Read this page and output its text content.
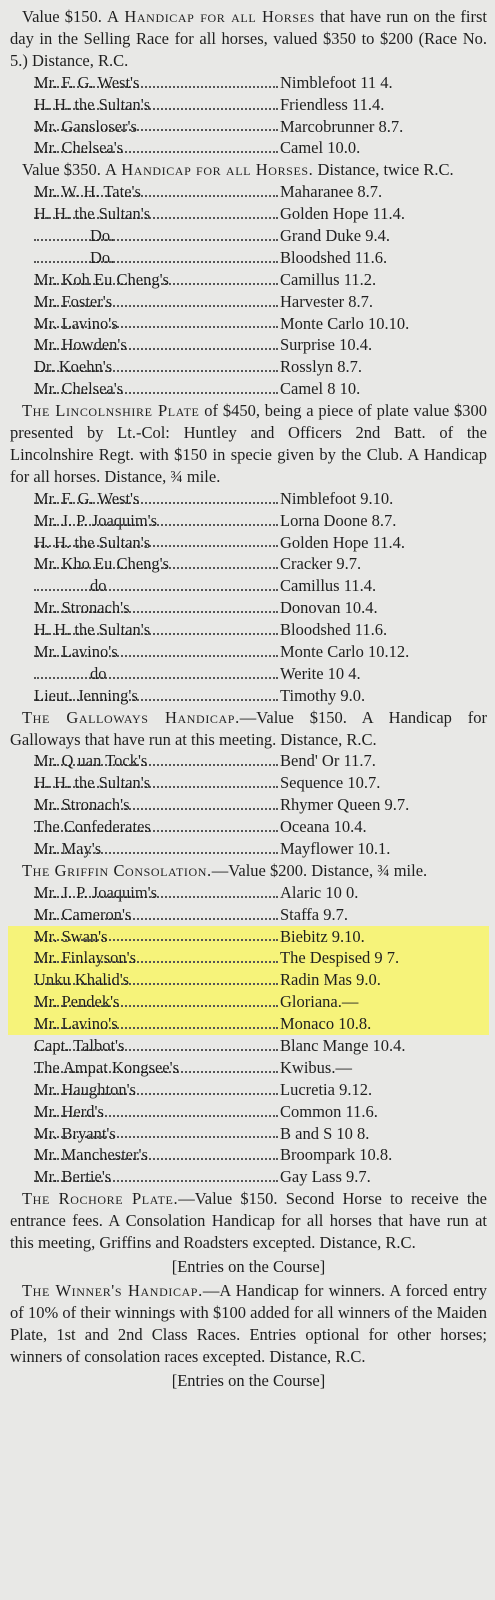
Value $150. A Handicap for all Horses that have run on the first day in the Selling Race for all horses, valued $350 to $200 (Race No. 5.) Distance, R.C.

Mr. F. G. West's	Nimblefoot 11 4.
H. H. the Sultan's	Friendless 11.4.
Mr. Gansloser's	Marcobrunner 8.7.
Mr. Chelsea's	Camel 10.0.

Value $350. A Handicap for all Horses. Distance, twice R.C.

Mr. W. H. Tate's	Maharanee 8.7.
H. H. the Sultan's	Golden Hope 11.4.
Do.	Grand Duke 9.4.
Do.	Bloodshed 11.6.
Mr. Koh Eu Cheng's	Camillus 11.2.
Mr. Foster's	Harvester 8.7.
Mr. Lavino's	Monte Carlo 10.10.
Mr. Howden's	Surprise 10.4.
Dr. Koehn's	Rosslyn 8.7.
Mr. Chelsea's	Camel 8 10.

The Lincolnshire Plate of $450, being a piece of plate value $300 presented by Lt.-Col: Huntley and Officers 2nd Batt. of the Lincolnshire Regt. with $150 in specie given by the Club. A Handicap for all horses. Distance, ¾ mile.

Mr. F. G. West's	Nimblefoot 9.10.
Mr. J. P. Joaquim's	Lorna Doone 8.7.
H. H. the Sultan's	Golden Hope 11.4.
Mr. Kho Eu Cheng's	Cracker 9.7.
do	Camillus 11.4.
Mr. Stronach's	Donovan 10.4.
H. H. the Sultan's	Bloodshed 11.6.
Mr. Lavino's	Monte Carlo 10.12.
do	Werite 10 4.
Lieut. Jenning's	Timothy 9.0.

The Galloways Handicap.—Value $150. A Handicap for Galloways that have run at this meeting. Distance, R.C.

Mr. Q uan Tock's	Bend' Or 11.7.
H. H. the Sultan's	Sequence 10.7.
Mr. Stronach's	Rhymer Queen 9.7.
The Confederates	Oceana 10.4.
Mr. May's	Mayflower 10.1.

The Griffin Consolation.—Value $200. Distance, ¾ mile.

Mr. J. P. Joaquim's	Alaric 10 0.
Mr. Cameron's	Staffa 9.7.
Mr. Swan's	Biebitz 9.10.
Mr. Finlayson's	The Despised 9 7.
Unku Khalid's	Radin Mas 9.0.
Mr. Pendek's	Gloriana.—
Mr. Lavino's	Monaco 10.8.
Capt. Talbot's	Blanc Mange 10.4.
The Ampat Kongsee's	Kwibus.—
Mr. Haughton's	Lucretia 9.12.
Mr. Herd's	Common 11.6.
Mr. Bryant's	B and S 10 8.
Mr. Manchester's	Broompark 10.8.
Mr. Bertie's	Gay Lass 9.7.

The Rochore Plate.—Value $150. Second Horse to receive the entrance fees. A Consolation Handicap for all horses that have run at this meeting, Griffins and Roadsters excepted. Distance, R.C.

[Entries on the Course]

The Winner's Handicap.—A Handicap for winners. A forced entry of 10% of their winnings with $100 added for all winners of the Maiden Plate, 1st and 2nd Class Races. Entries optional for other horses; winners of consolation races excepted. Distance, R.C.

[Entries on the Course]
